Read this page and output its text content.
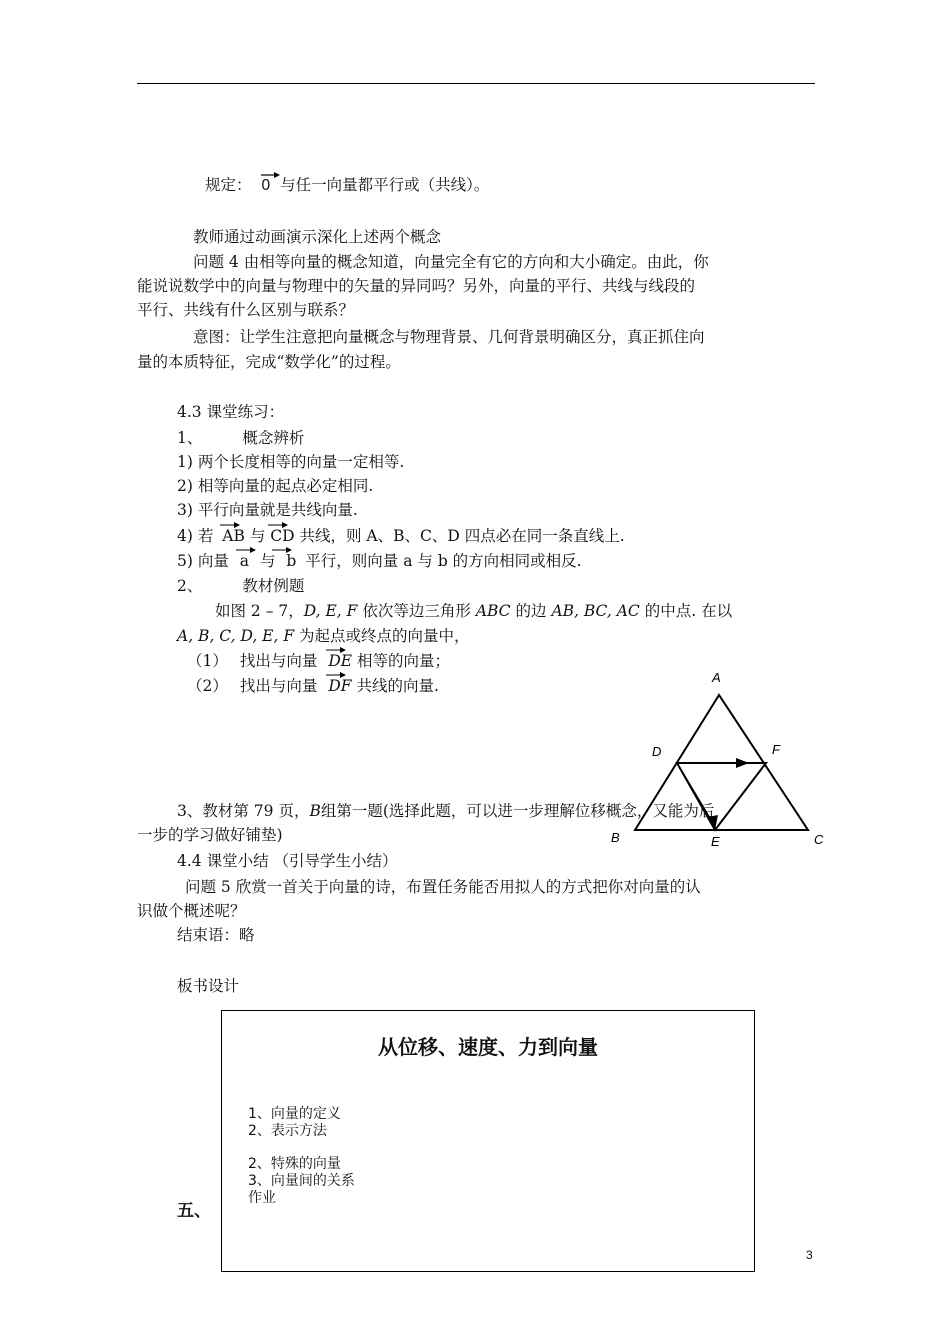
规定： 0 与任一向量都平行或（共线）。
教师通过动画演示深化上述两个概念
问题 4 由相等向量的概念知道，向量完全有它的方向和大小确定。由此，你
能说说数学中的向量与物理中的矢量的异同吗？另外，向量的平行、共线与线段的
平行、共线有什么区别与联系？
意图：让学生注意把向量概念与物理背景、几何背景明确区分，真正抓住向
量的本质特征，完成“数学化”的过程。
4.3 课堂练习：
1、	概念辨析
1) 两个长度相等的向量一定相等.
2) 相等向量的起点必定相同.
3) 平行向量就是共线向量.
4) 若 AB 与 CD 共线，则 A、B、C、D 四点必在同一条直线上.
5) 向量 a 与 b 平行，则向量 a 与 b 的方向相同或相反.
2、	教材例题
如图 2 – 7，D, E, F 依次等边三角形 ABC 的边 AB, BC, AC 的中点. 在以
A, B, C, D, E, F 为起点或终点的向量中，
（1） 找出与向量 DE 相等的向量；
（2） 找出与向量 DF 共线的向量.	A
D	F
B	E	C
3、教材第 79 页，B组第一题(选择此题，可以进一步理解位移概念，又能为后
一步的学习做好铺垫)
4.4 课堂小结 （引导学生小结）
问题 5 欣赏一首关于向量的诗，布置任务能否用拟人的方式把你对向量的认
识做个概述呢？
结束语：略
板书设计
从位移、速度、力到向量
1、向量的定义
2、表示方法
2、特殊的向量
3、向量间的关系
作业
五、
3
